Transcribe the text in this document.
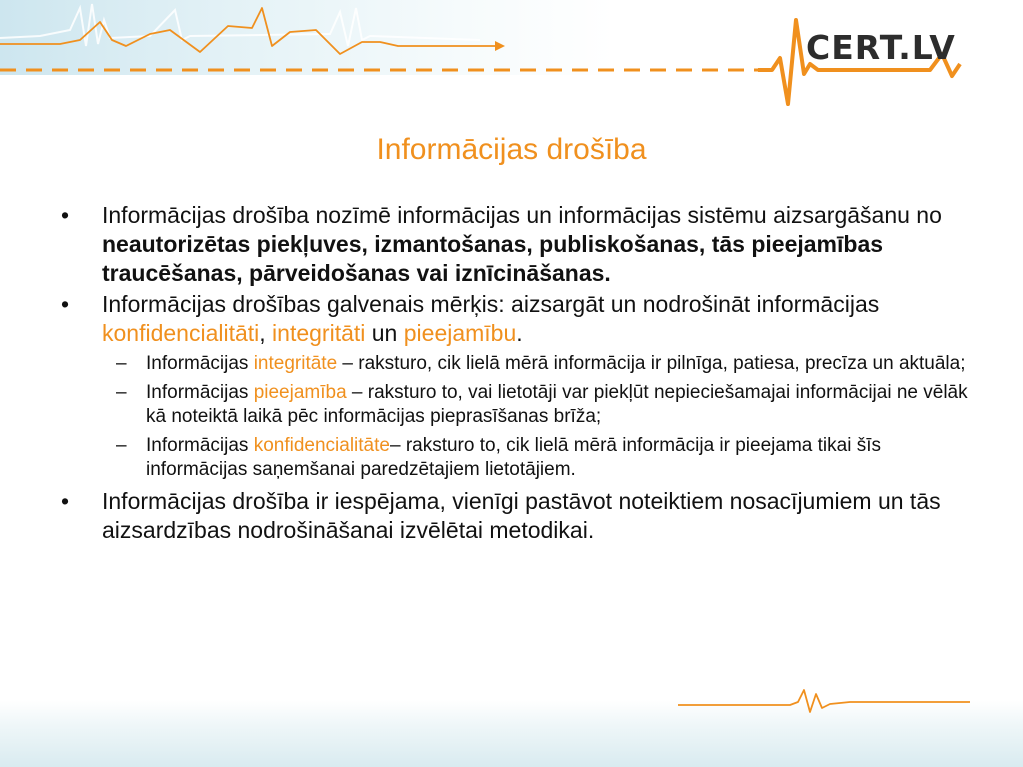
CERT.LV
Informācijas drošība
• Informācijas drošība nozīmē informācijas un informācijas sistēmu aizsargāšanu no neautorizētas piekļuves, izmantošanas, publiskošanas, tās pieejamības traucēšanas, pārveidošanas vai iznīcināšanas.
• Informācijas drošības galvenais mērķis: aizsargāt un nodrošināt informācijas konfidencialitāti, integritāti un pieejamību.
– Informācijas integritāte – raksturo, cik lielā mērā informācija ir pilnīga, patiesa, precīza un aktuāla;
– Informācijas pieejamība – raksturo to, vai lietotāji var piekļūt nepieciešamajai informācijai ne vēlāk kā noteiktā laikā pēc informācijas pieprasīšanas brīža;
– Informācijas konfidencialitāte– raksturo to, cik lielā mērā informācija ir pieejama tikai šīs informācijas saņemšanai paredzētajiem lietotājiem.
• Informācijas drošība ir iespējama, vienīgi pastāvot noteiktiem nosacījumiem un tās aizsardzības nodrošināšanai izvēlētai metodikai.
